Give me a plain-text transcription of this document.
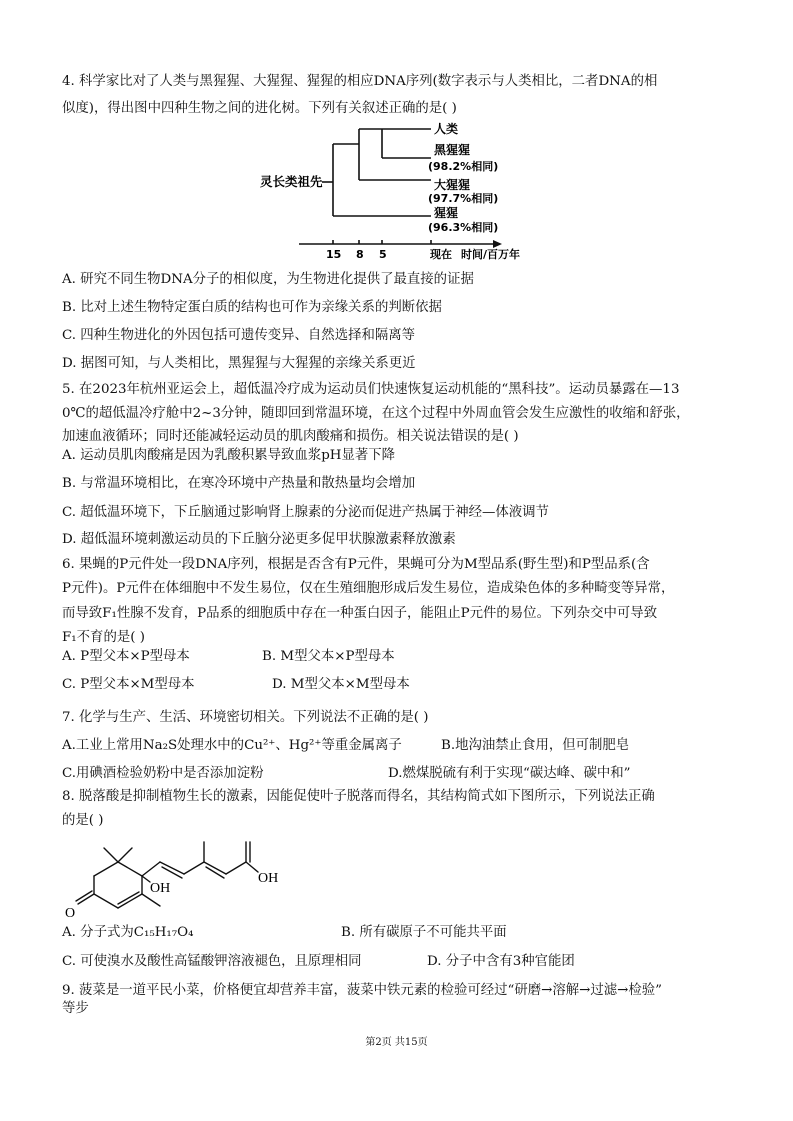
4. 科学家比对了人类与黑猩猩、大猩猩、猩猩的相应DNA序列(数字表示与人类相比，二者DNA的相
似度)，得出图中四种生物之间的进化树。下列有关叙述正确的是( )
灵长类祖先
人类
黑猩猩
(98.2%相同)
大猩猩
(97.7%相同)
猩猩
(96.3%相同)
15 8 5	现在 时间/百万年
A. 研究不同生物DNA分子的相似度，为生物进化提供了最直接的证据
B. 比对上述生物特定蛋白质的结构也可作为亲缘关系的判断依据
C. 四种生物进化的外因包括可遗传变异、自然选择和隔离等
D. 据图可知，与人类相比，黑猩猩与大猩猩的亲缘关系更近
5. 在2023年杭州亚运会上，超低温冷疗成为运动员们快速恢复运动机能的“黑科技”。运动员暴露在—13
0℃的超低温冷疗舱中2~3分钟，随即回到常温环境，在这个过程中外周血管会发生应激性的收缩和舒张，
加速血液循环；同时还能减轻运动员的肌肉酸痛和损伤。相关说法错误的是( )
A. 运动员肌肉酸痛是因为乳酸积累导致血浆pH显著下降
B. 与常温环境相比，在寒冷环境中产热量和散热量均会增加
C. 超低温环境下，下丘脑通过影响肾上腺素的分泌而促进产热属于神经—体液调节
D. 超低温环境刺激运动员的下丘脑分泌更多促甲状腺激素释放激素
6. 果蝇的P元件处一段DNA序列，根据是否含有P元件，果蝇可分为M型品系(野生型)和P型品系(含
P元件)。P元件在体细胞中不发生易位，仅在生殖细胞形成后发生易位，造成染色体的多种畸变等异常，
而导致F₁性腺不发育，P品系的细胞质中存在一种蛋白因子，能阻止P元件的易位。下列杂交中可导致
F₁不育的是( )
A. P型父本×P型母本	B. M型父本×P型母本
C. P型父本×M型母本	D. M型父本×M型母本
7. 化学与生产、生活、环境密切相关。下列说法不正确的是( )
A.工业上常用Na₂S处理水中的Cu²⁺、Hg²⁺等重金属离子	B.地沟油禁止食用，但可制肥皂
C.用碘酒检验奶粉中是否添加淀粉	D.燃煤脱硫有利于实现“碳达峰、碳中和”
8. 脱落酸是抑制植物生长的激素，因能促使叶子脱落而得名，其结构简式如下图所示，下列说法正确
的是( )
OH
OH
O
A. 分子式为C₁₅H₁₇O₄	B. 所有碳原子不可能共平面
C. 可使溴水及酸性高锰酸钾溶液褪色，且原理相同	D. 分子中含有3种官能团
9. 菠菜是一道平民小菜，价格便宜却营养丰富，菠菜中铁元素的检验可经过“研磨→溶解→过滤→检验”
等步
第2页 共15页
